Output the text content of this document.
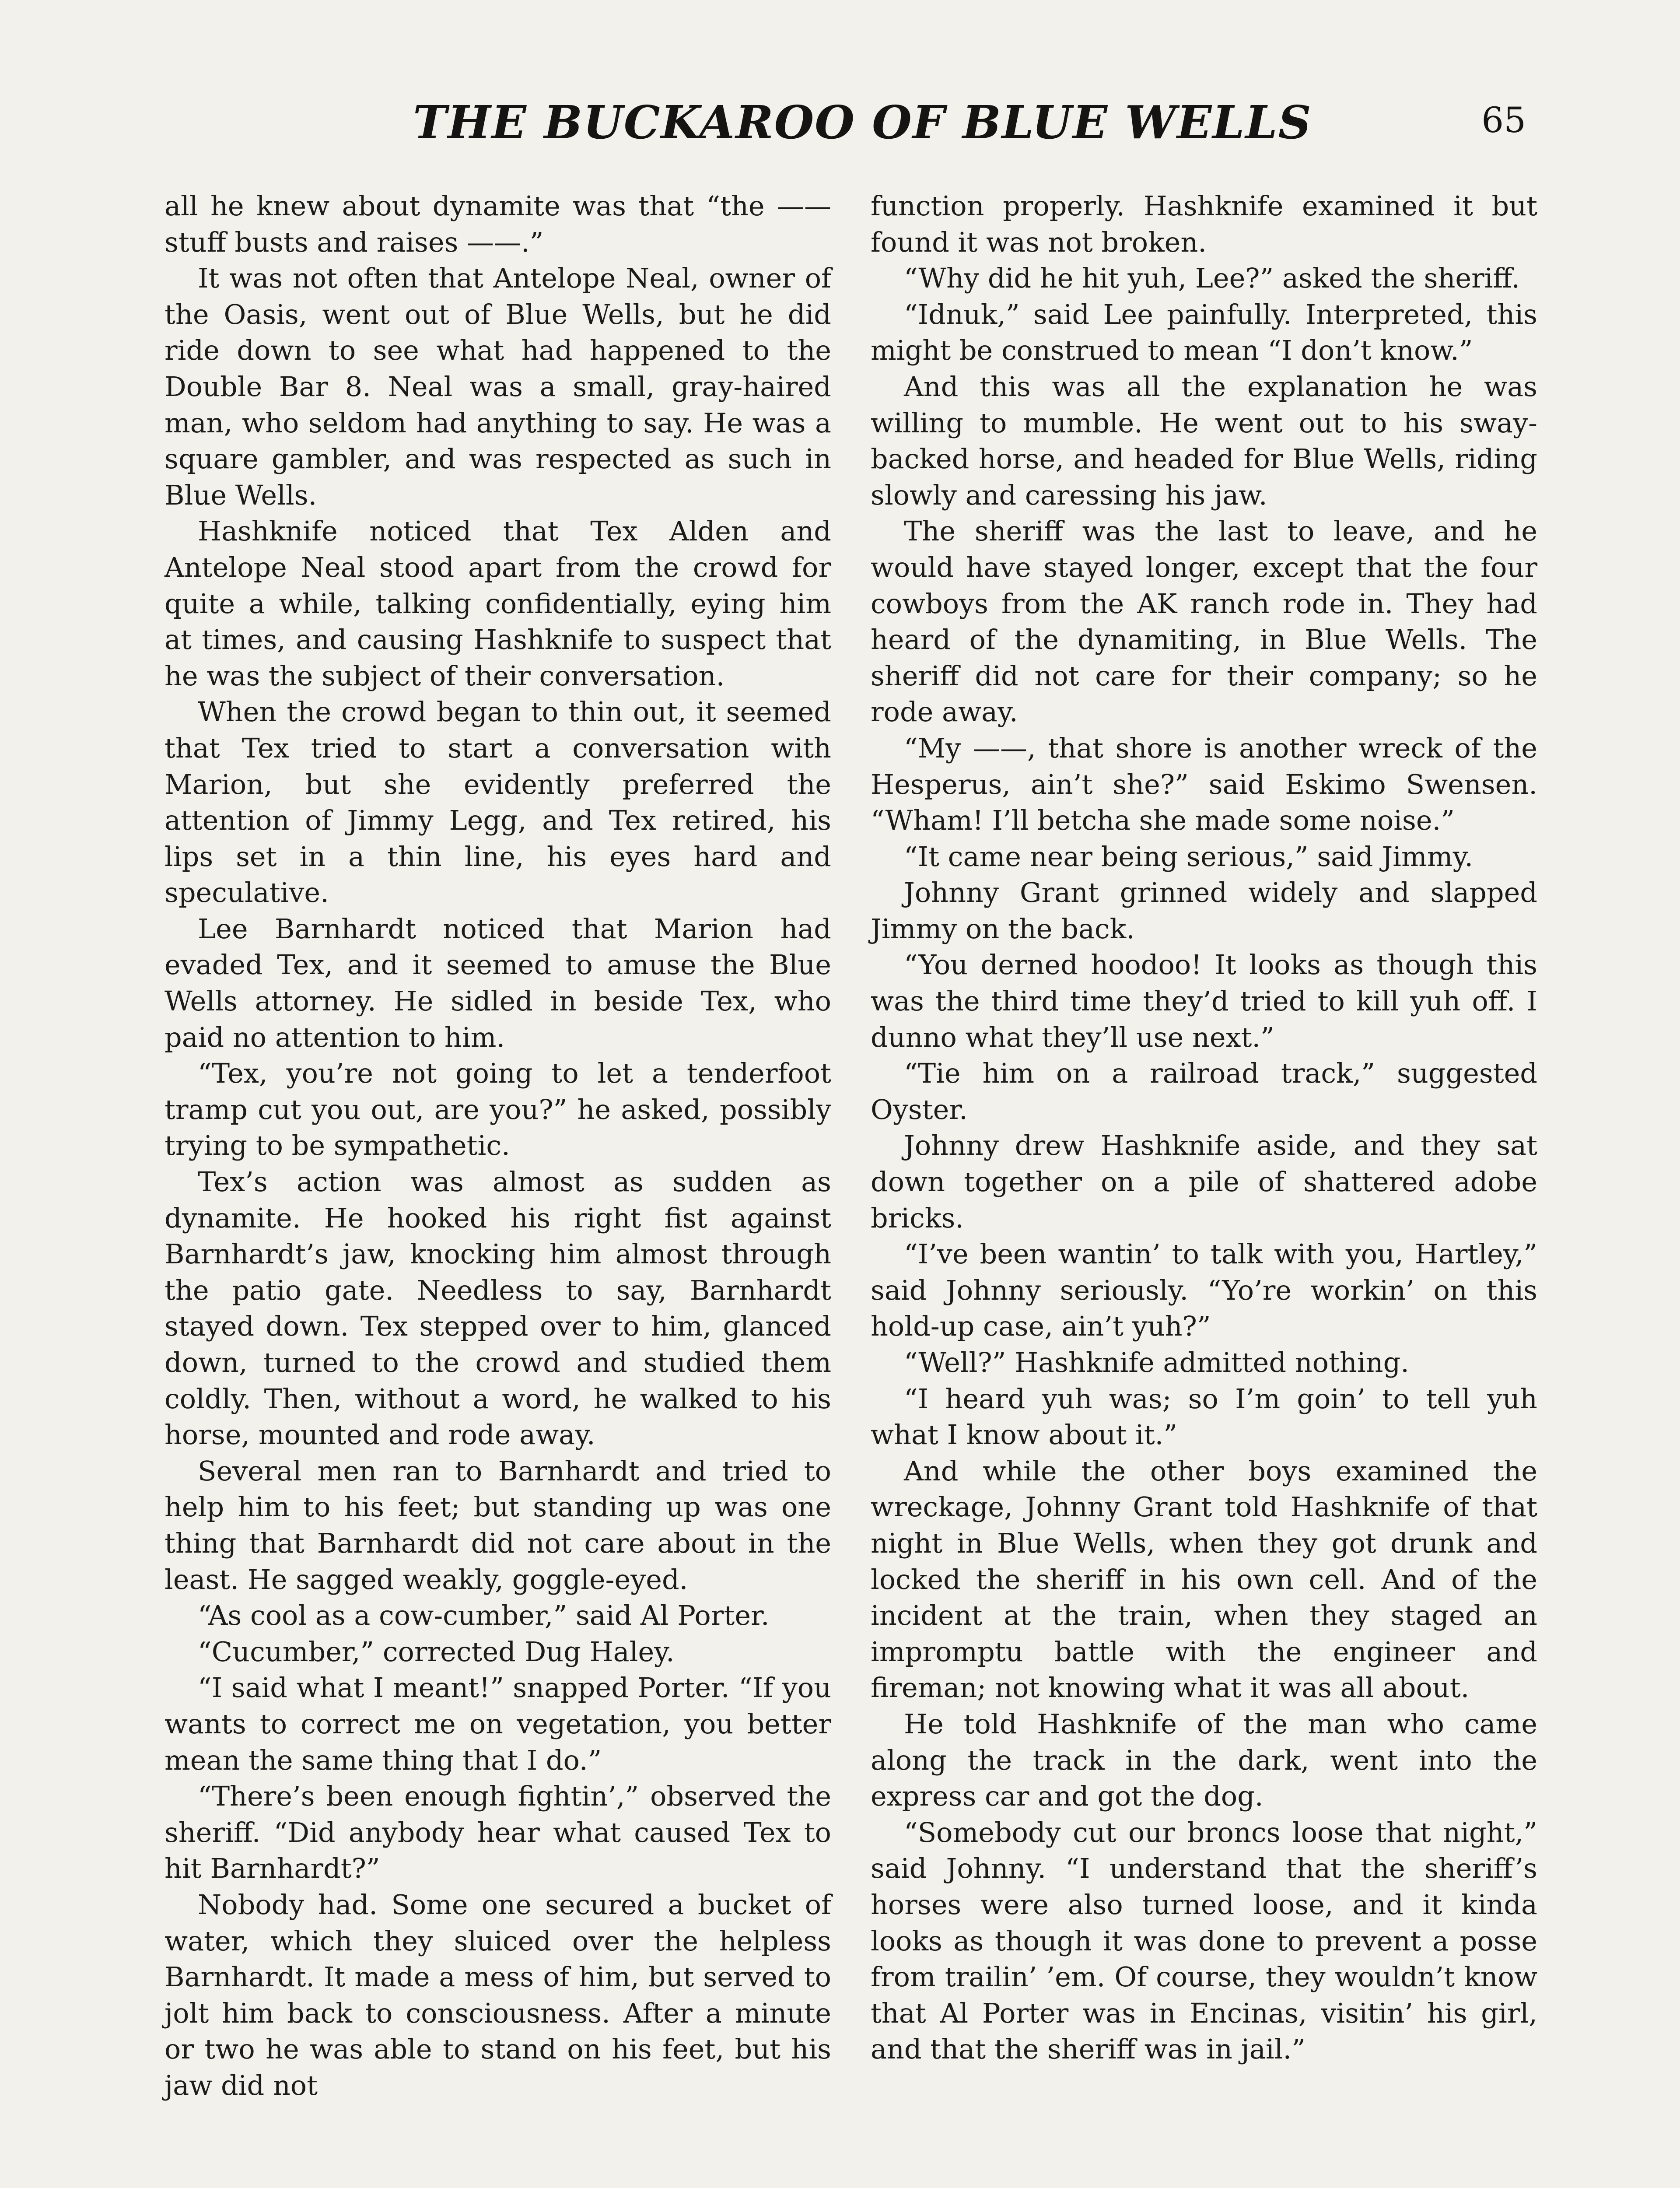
THE BUCKAROO OF BLUE WELLS	65

all he knew about dynamite was that “the —— stuff busts and raises ——.”

It was not often that Antelope Neal, owner of the Oasis, went out of Blue Wells, but he did ride down to see what had happened to the Double Bar 8. Neal was a small, gray-haired man, who seldom had anything to say. He was a square gambler, and was respected as such in Blue Wells.

Hashknife noticed that Tex Alden and Antelope Neal stood apart from the crowd for quite a while, talking confidentially, eying him at times, and causing Hashknife to suspect that he was the subject of their conversation.

When the crowd began to thin out, it seemed that Tex tried to start a conversation with Marion, but she evidently preferred the attention of Jimmy Legg, and Tex retired, his lips set in a thin line, his eyes hard and speculative.

Lee Barnhardt noticed that Marion had evaded Tex, and it seemed to amuse the Blue Wells attorney. He sidled in beside Tex, who paid no attention to him.

“Tex, you’re not going to let a tenderfoot tramp cut you out, are you?” he asked, possibly trying to be sympathetic.

Tex’s action was almost as sudden as dynamite. He hooked his right fist against Barnhardt’s jaw, knocking him almost through the patio gate. Needless to say, Barnhardt stayed down. Tex stepped over to him, glanced down, turned to the crowd and studied them coldly. Then, without a word, he walked to his horse, mounted and rode away.

Several men ran to Barnhardt and tried to help him to his feet; but standing up was one thing that Barnhardt did not care about in the least. He sagged weakly, goggle-eyed.

“As cool as a cow-cumber,” said Al Porter.

“Cucumber,” corrected Dug Haley.

“I said what I meant!” snapped Porter. “If you wants to correct me on vegetation, you better mean the same thing that I do.”

“There’s been enough fightin’,” observed the sheriff. “Did anybody hear what caused Tex to hit Barnhardt?”

Nobody had. Some one secured a bucket of water, which they sluiced over the helpless Barnhardt. It made a mess of him, but served to jolt him back to consciousness. After a minute or two he was able to stand on his feet, but his jaw did not

function properly. Hashknife examined it but found it was not broken.

“Why did he hit yuh, Lee?” asked the sheriff.

“Idnuk,” said Lee painfully. Interpreted, this might be construed to mean “I don’t know.”

And this was all the explanation he was willing to mumble. He went out to his sway-backed horse, and headed for Blue Wells, riding slowly and caressing his jaw.

The sheriff was the last to leave, and he would have stayed longer, except that the four cowboys from the AK ranch rode in. They had heard of the dynamiting, in Blue Wells. The sheriff did not care for their company; so he rode away.

“My ——, that shore is another wreck of the Hesperus, ain’t she?” said Eskimo Swensen. “Wham! I’ll betcha she made some noise.”

“It came near being serious,” said Jimmy.

Johnny Grant grinned widely and slapped Jimmy on the back.

“You derned hoodoo! It looks as though this was the third time they’d tried to kill yuh off. I dunno what they’ll use next.”

“Tie him on a railroad track,” suggested Oyster.

Johnny drew Hashknife aside, and they sat down together on a pile of shattered adobe bricks.

“I’ve been wantin’ to talk with you, Hartley,” said Johnny seriously. “Yo’re workin’ on this hold-up case, ain’t yuh?”

“Well?” Hashknife admitted nothing.

“I heard yuh was; so I’m goin’ to tell yuh what I know about it.”

And while the other boys examined the wreckage, Johnny Grant told Hashknife of that night in Blue Wells, when they got drunk and locked the sheriff in his own cell. And of the incident at the train, when they staged an impromptu battle with the engineer and fireman; not knowing what it was all about.

He told Hashknife of the man who came along the track in the dark, went into the express car and got the dog.

“Somebody cut our broncs loose that night,” said Johnny. “I understand that the sheriff’s horses were also turned loose, and it kinda looks as though it was done to prevent a posse from trailin’ ’em. Of course, they wouldn’t know that Al Porter was in Encinas, visitin’ his girl, and that the sheriff was in jail.”
